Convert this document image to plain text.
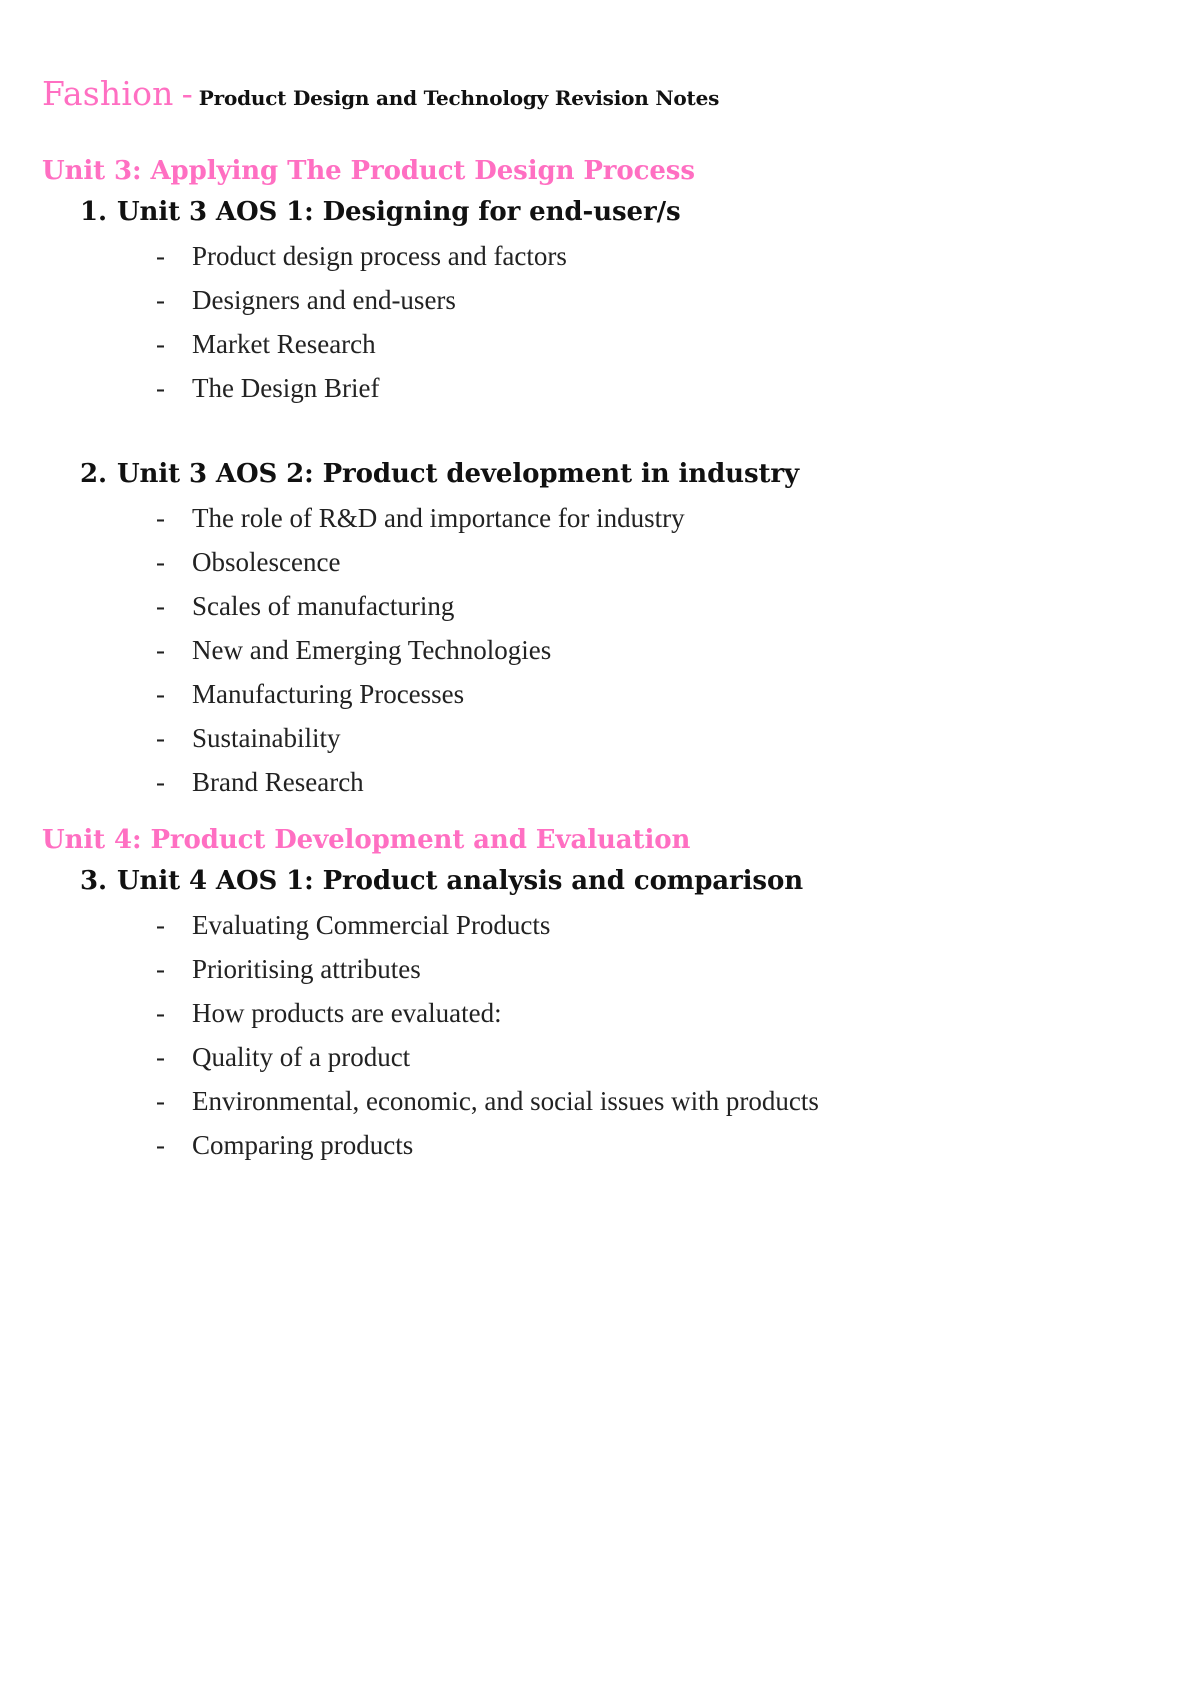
Fashion - Product Design and Technology Revision Notes
Unit 3: Applying The Product Design Process
1. Unit 3 AOS 1: Designing for end-user/s
- Product design process and factors
- Designers and end-users
- Market Research
- The Design Brief
2. Unit 3 AOS 2: Product development in industry
- The role of R&D and importance for industry
- Obsolescence
- Scales of manufacturing
- New and Emerging Technologies
- Manufacturing Processes
- Sustainability
- Brand Research
Unit 4: Product Development and Evaluation
3. Unit 4 AOS 1: Product analysis and comparison
- Evaluating Commercial Products
- Prioritising attributes
- How products are evaluated:
- Quality of a product
- Environmental, economic, and social issues with products
- Comparing products
